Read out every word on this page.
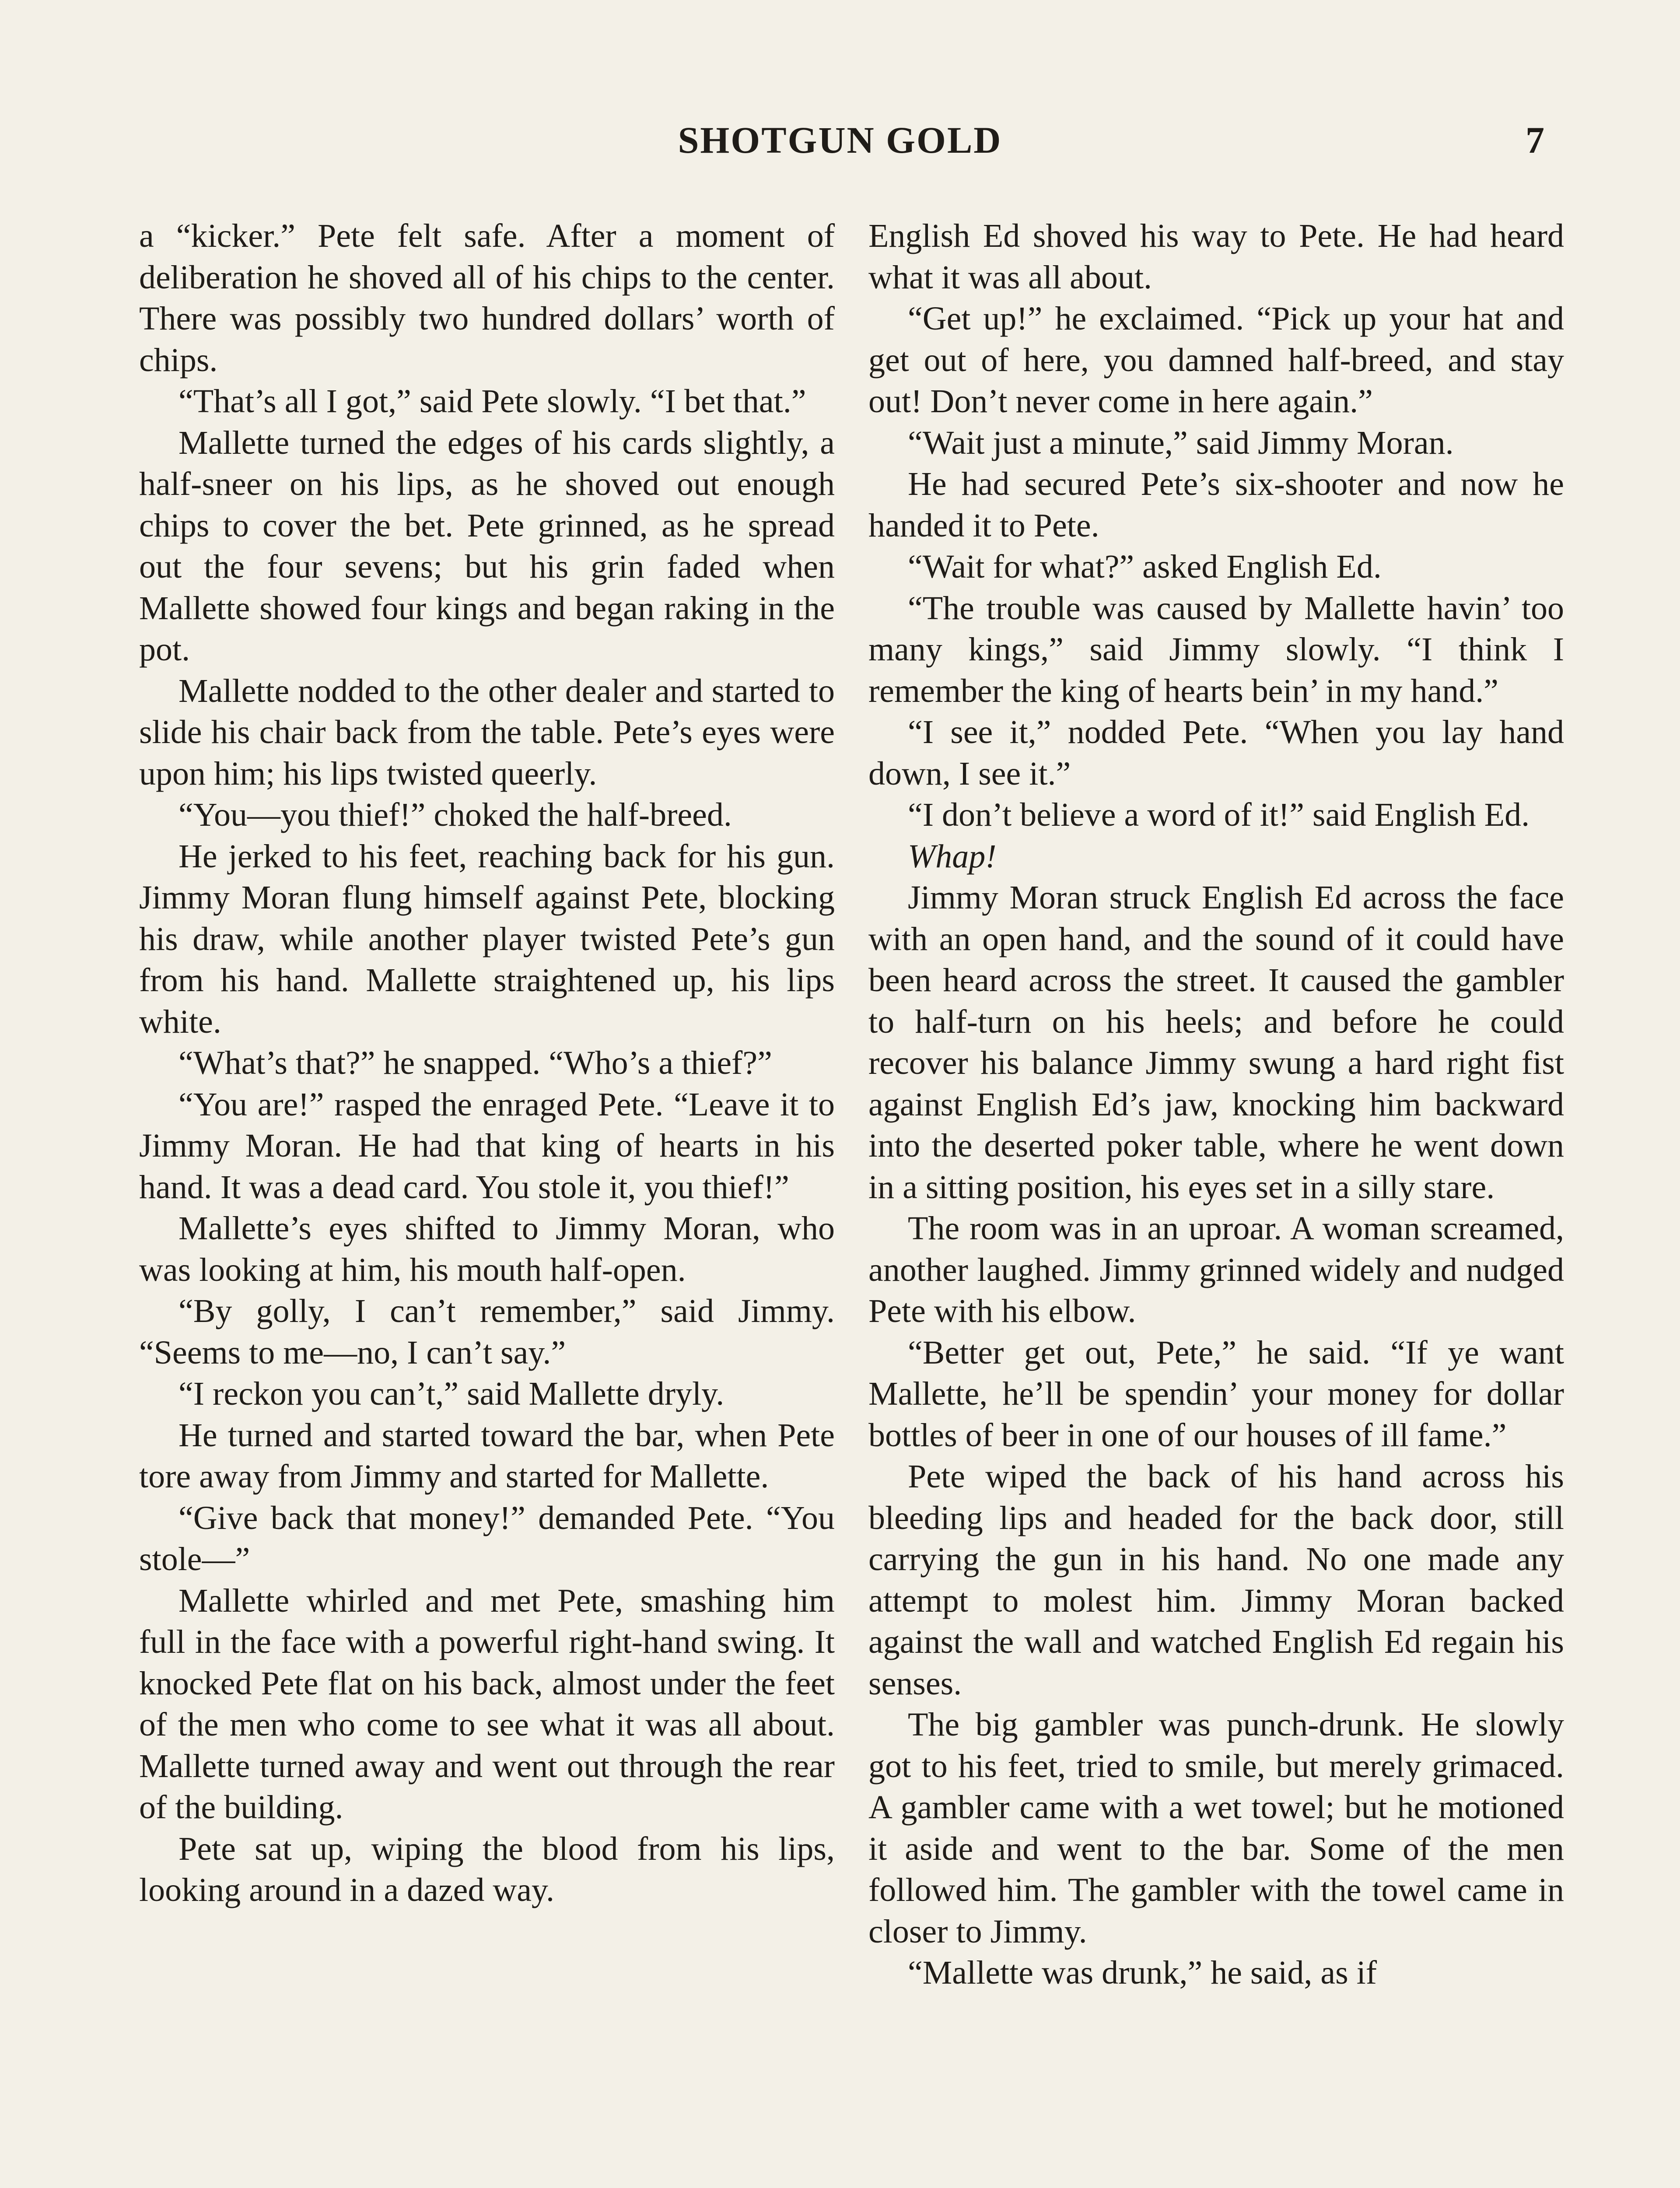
SHOTGUN GOLD	7

a “kicker.” Pete felt safe. After a moment of deliberation he shoved all of his chips to the center. There was possibly two hundred dollars’ worth of chips.

“That’s all I got,” said Pete slowly. “I bet that.”

Mallette turned the edges of his cards slightly, a half-sneer on his lips, as he shoved out enough chips to cover the bet. Pete grinned, as he spread out the four sevens; but his grin faded when Mallette showed four kings and began raking in the pot.

Mallette nodded to the other dealer and started to slide his chair back from the table. Pete’s eyes were upon him; his lips twisted queerly.

“You—you thief!” choked the half-breed.

He jerked to his feet, reaching back for his gun. Jimmy Moran flung himself against Pete, blocking his draw, while another player twisted Pete’s gun from his hand. Mallette straightened up, his lips white.

“What’s that?” he snapped. “Who’s a thief?”

“You are!” rasped the enraged Pete. “Leave it to Jimmy Moran. He had that king of hearts in his hand. It was a dead card. You stole it, you thief!”

Mallette’s eyes shifted to Jimmy Moran, who was looking at him, his mouth half-open.

“By golly, I can’t remember,” said Jimmy. “Seems to me—no, I can’t say.”

“I reckon you can’t,” said Mallette dryly.

He turned and started toward the bar, when Pete tore away from Jimmy and started for Mallette.

“Give back that money!” demanded Pete. “You stole—”

Mallette whirled and met Pete, smashing him full in the face with a powerful right-hand swing. It knocked Pete flat on his back, almost under the feet of the men who come to see what it was all about. Mallette turned away and went out through the rear of the building.

Pete sat up, wiping the blood from his lips, looking around in a dazed way.

English Ed shoved his way to Pete. He had heard what it was all about.

“Get up!” he exclaimed. “Pick up your hat and get out of here, you damned half-breed, and stay out! Don’t never come in here again.”

“Wait just a minute,” said Jimmy Moran.

He had secured Pete’s six-shooter and now he handed it to Pete.

“Wait for what?” asked English Ed.

“The trouble was caused by Mallette havin’ too many kings,” said Jimmy slowly. “I think I remember the king of hearts bein’ in my hand.”

“I see it,” nodded Pete. “When you lay hand down, I see it.”

“I don’t believe a word of it!” said English Ed.

Whap!

Jimmy Moran struck English Ed across the face with an open hand, and the sound of it could have been heard across the street. It caused the gambler to half-turn on his heels; and before he could recover his balance Jimmy swung a hard right fist against English Ed’s jaw, knocking him backward into the deserted poker table, where he went down in a sitting position, his eyes set in a silly stare.

The room was in an uproar. A woman screamed, another laughed. Jimmy grinned widely and nudged Pete with his elbow.

“Better get out, Pete,” he said. “If ye want Mallette, he’ll be spendin’ your money for dollar bottles of beer in one of our houses of ill fame.”

Pete wiped the back of his hand across his bleeding lips and headed for the back door, still carrying the gun in his hand. No one made any attempt to molest him. Jimmy Moran backed against the wall and watched English Ed regain his senses.

The big gambler was punch-drunk. He slowly got to his feet, tried to smile, but merely grimaced. A gambler came with a wet towel; but he motioned it aside and went to the bar. Some of the men followed him. The gambler with the towel came in closer to Jimmy.

“Mallette was drunk,” he said, as if
